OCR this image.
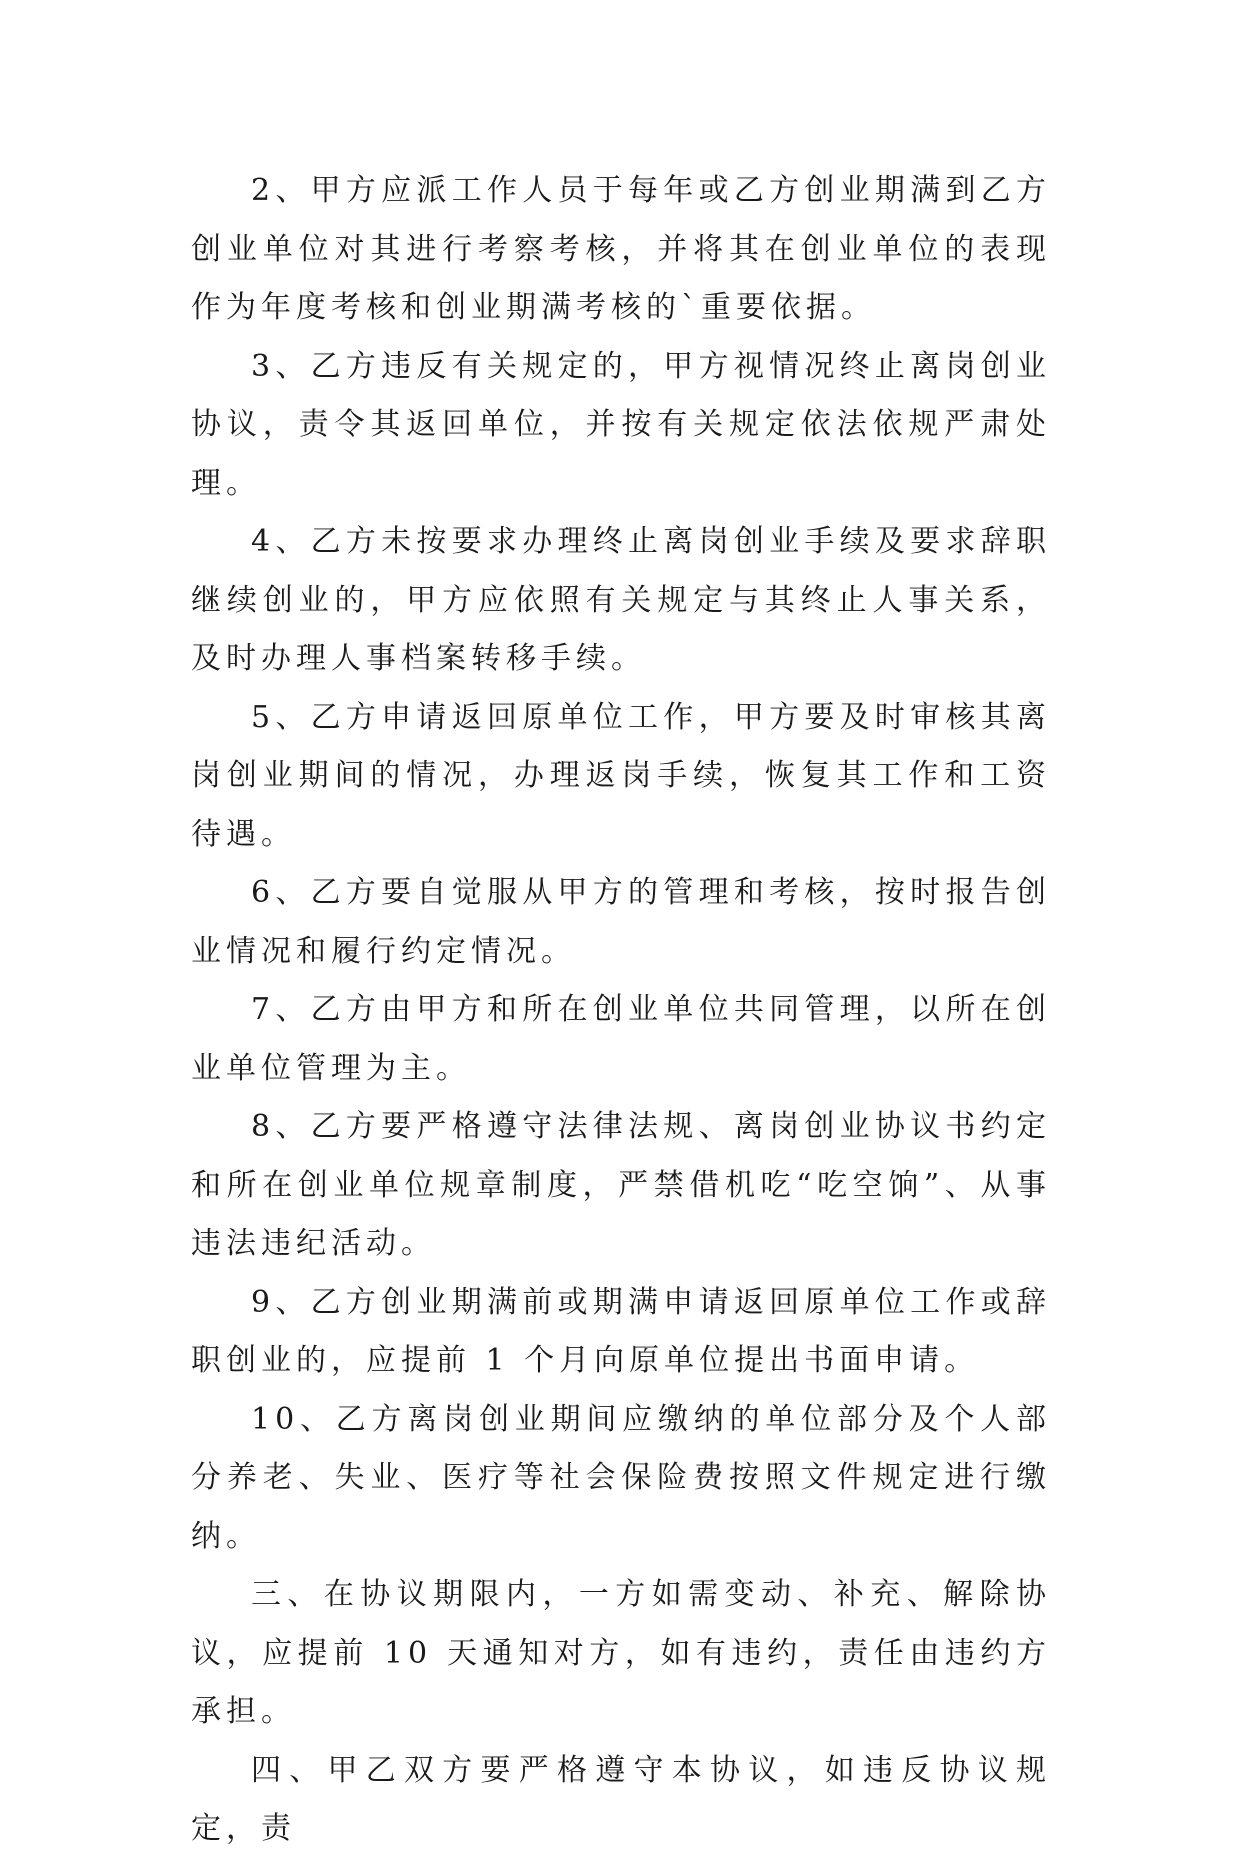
2、甲方应派工作人员于每年或乙方创业期满到乙方创业单位对其进行考察考核，并将其在创业单位的表现作为年度考核和创业期满考核的`重要依据。

3、乙方违反有关规定的，甲方视情况终止离岗创业协议，责令其返回单位，并按有关规定依法依规严肃处理。

4、乙方未按要求办理终止离岗创业手续及要求辞职继续创业的，甲方应依照有关规定与其终止人事关系，及时办理人事档案转移手续。

5、乙方申请返回原单位工作，甲方要及时审核其离岗创业期间的情况，办理返岗手续，恢复其工作和工资待遇。

6、乙方要自觉服从甲方的管理和考核，按时报告创业情况和履行约定情况。

7、乙方由甲方和所在创业单位共同管理，以所在创业单位管理为主。

8、乙方要严格遵守法律法规、离岗创业协议书约定和所在创业单位规章制度，严禁借机吃“吃空饷”、从事违法违纪活动。

9、乙方创业期满前或期满申请返回原单位工作或辞职创业的，应提前 1 个月向原单位提出书面申请。

10、乙方离岗创业期间应缴纳的单位部分及个人部分养老、失业、医疗等社会保险费按照文件规定进行缴纳。

三、在协议期限内，一方如需变动、补充、解除协议，应提前 10 天通知对方，如有违约，责任由违约方承担。

四、甲乙双方要严格遵守本协议，如违反协议规定，责
